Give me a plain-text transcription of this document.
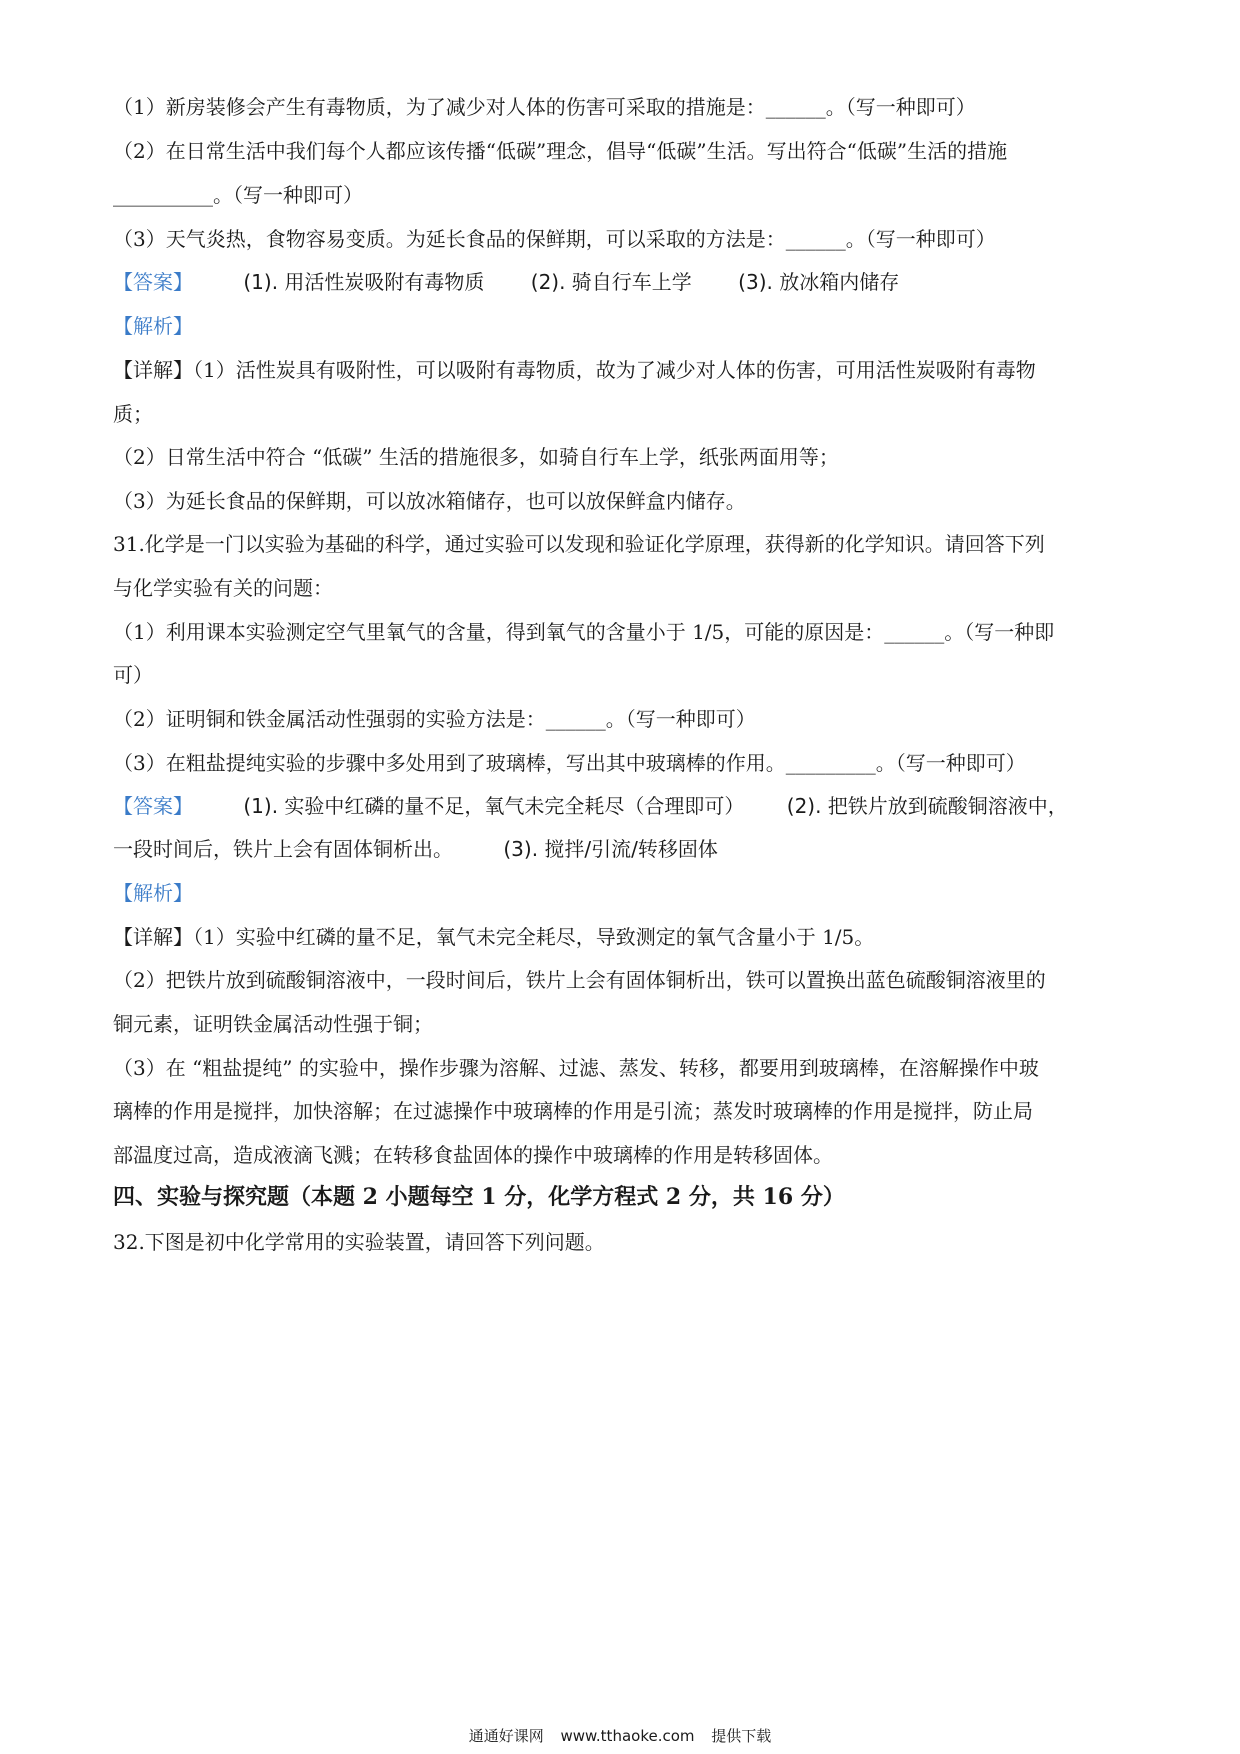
（1）新房装修会产生有毒物质，为了减少对人体的伤害可采取的措施是：______。（写一种即可）
（2）在日常生活中我们每个人都应该传播“低碳”理念，倡导“低碳”生活。写出符合“低碳”生活的措施
__________。（写一种即可）
（3）天气炎热，食物容易变质。为延长食品的保鲜期，可以采取的方法是：______。（写一种即可）
【答案】	(1). 用活性炭吸附有毒物质 (2). 骑自行车上学 (3). 放冰箱内储存
【解析】
【详解】（1）活性炭具有吸附性，可以吸附有毒物质，故为了减少对人体的伤害，可用活性炭吸附有毒物
质；
（2）日常生活中符合 “低碳” 生活的措施很多，如骑自行车上学，纸张两面用等；
（3）为延长食品的保鲜期，可以放冰箱储存，也可以放保鲜盒内储存。
31.化学是一门以实验为基础的科学，通过实验可以发现和验证化学原理，获得新的化学知识。请回答下列
与化学实验有关的问题：
（1）利用课本实验测定空气里氧气的含量，得到氧气的含量小于 1/5，可能的原因是：______。（写一种即
可）
（2）证明铜和铁金属活动性强弱的实验方法是：______。（写一种即可）
（3）在粗盐提纯实验的步骤中多处用到了玻璃棒，写出其中玻璃棒的作用。_________。（写一种即可）
【答案】	(1). 实验中红磷的量不足，氧气未完全耗尽（合理即可） (2). 把铁片放到硫酸铜溶液中，
一段时间后，铁片上会有固体铜析出。	(3). 搅拌/引流/转移固体
【解析】
【详解】（1）实验中红磷的量不足，氧气未完全耗尽，导致测定的氧气含量小于 1/5。
（2）把铁片放到硫酸铜溶液中，一段时间后，铁片上会有固体铜析出，铁可以置换出蓝色硫酸铜溶液里的
铜元素，证明铁金属活动性强于铜；
（3）在 “粗盐提纯” 的实验中，操作步骤为溶解、过滤、蒸发、转移，都要用到玻璃棒，在溶解操作中玻
璃棒的作用是搅拌，加快溶解；在过滤操作中玻璃棒的作用是引流；蒸发时玻璃棒的作用是搅拌，防止局
部温度过高，造成液滴飞溅；在转移食盐固体的操作中玻璃棒的作用是转移固体。
四、实验与探究题（本题 2 小题每空 1 分，化学方程式 2 分，共 16 分）
32.下图是初中化学常用的实验装置，请回答下列问题。
通通好课网 www.tthaoke.com 提供下载
